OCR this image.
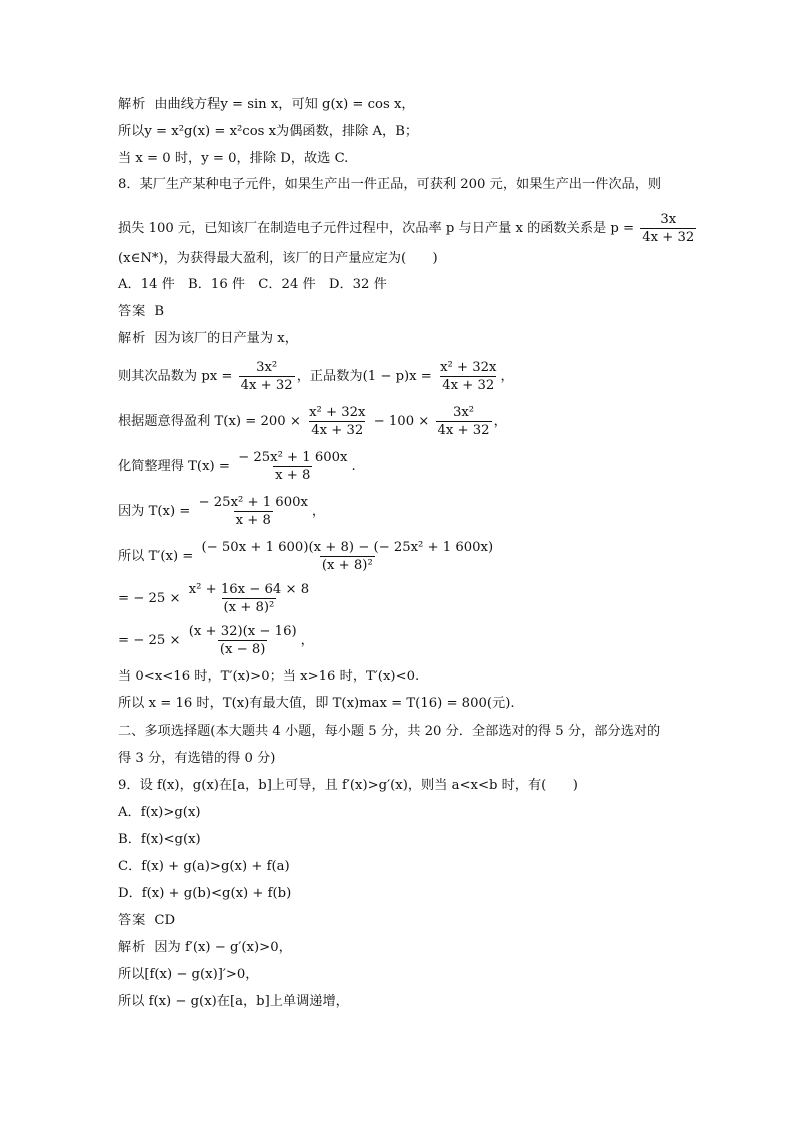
解析 由曲线方程y = sin x，可知 g(x) = cos x，
所以y = x²g(x) = x²cos x为偶函数，排除 A，B；
当 x = 0 时，y = 0，排除 D，故选 C.
8．某厂生产某种电子元件，如果生产出一件正品，可获利 200 元，如果生产出一件次品，则
损失 100 元，已知该厂在制造电子元件过程中，次品率 p 与日产量 x 的函数关系是 $p = \frac{3x}{4x + 32}$
(x∈N*)，为获得最大盈利，该厂的日产量应定为(　　)
A．14 件　B．16 件　C．24 件　D．32 件
答案 B
解析 因为该厂的日产量为 x，
则其次品数为 px = $\frac{\text{3x²}}{4x + 32}$ ，正品数为$(1 - p)x = \frac{\text{x² + 32x}}{4x + 32}$ ，
根据题意得盈利 $T(x) = 200 \times \frac{\text{x² + 32x}}{4x + 32} - 100 \times \frac{\text{3x²}}{4x + 32}$ ，
化简整理得 $T(x) = \frac{\text{− 25x² + 1 600x}}{x + 8}$ .
因为 $T(x) = \frac{\text{− 25x² + 1 600x}}{x + 8}$ ，
所以 $T'(x) = \frac{\text{(− 50x + 1 600)(x + 8) − (− 25x² + 1 600x)}}{\text{(x + 8)²}}$
= − $25 \times \frac{\text{x² + 16x − 64 × 8}}{\text{(x + 8)²}}$
= − $25 \times \frac{(x + 32)(x - 16)}{(x - 8)}$ ，
当 0<x<16 时，T′(x)>0；当 x>16 时，T′(x)<0.
所以 x = 16 时，T(x)有最大值，即 T(x)max = T(16) = 800(元).
二、多项选择题(本大题共 4 小题，每小题 5 分，共 20 分．全部选对的得 5 分，部分选对的
得 3 分，有选错的得 0 分)
9．设 f(x)，g(x)在[a，b]上可导，且 f′(x)>g′(x)，则当 a<x<b 时，有(　　)
A．f(x)>g(x)
B．f(x)<g(x)
C．f(x) + g(a)>g(x) + f(a)
D．f(x) + g(b)<g(x) + f(b)
答案 CD
解析 因为 f′(x) − g′(x)>0，
所以[f(x) − g(x)]′>0，
所以 f(x) − g(x)在[a，b]上单调递增，
